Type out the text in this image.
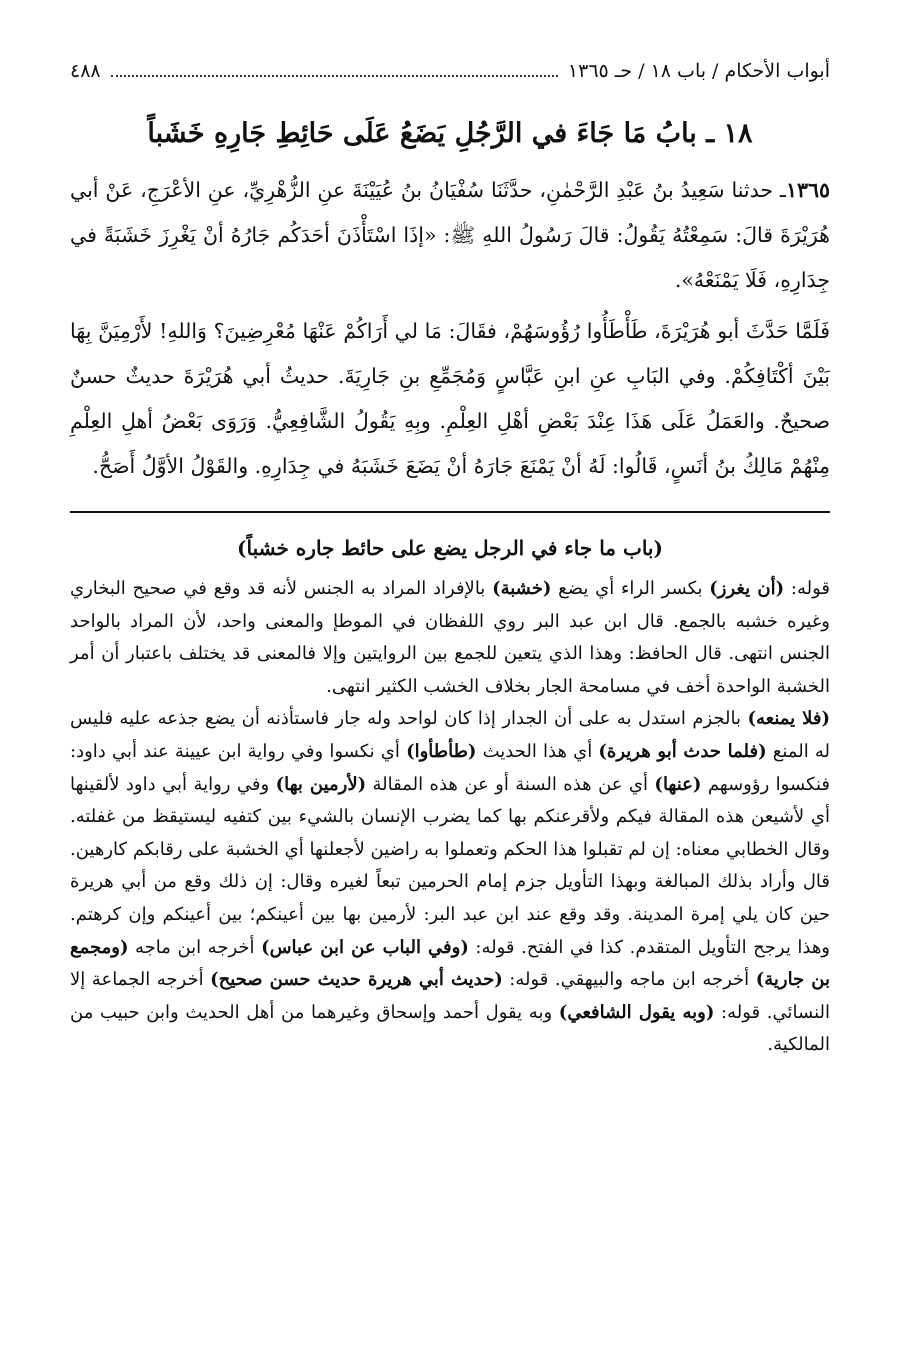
أبواب الأحكام / باب ١٨ / حـ ١٣٦٥
٤٨٨
١٨ ـ بابُ مَا جَاءَ في الرَّجُلِ يَضَعُ عَلَى حَائِطِ جَارِهِ خَشَباً

١٣٦٥ـ حدثنا سَعِيدُ بنُ عَبْدِ الرَّحْمٰنِ، حدَّثَنَا سُفْيَانُ بنُ عُيَيْنَةَ عنِ الزُّهْرِيِّ، عنِ الأعْرَجِ، عَنْ أبي هُرَيْرَةَ قالَ: سَمِعْتُهُ يَقُولُ: قالَ رَسُولُ اللهِ ﷺ: «إذَا اسْتَأْذَنَ أحَدَكُم جَارُهُ أنْ يَغْرِزَ خَشَبَةً في جِدَارِهِ، فَلَا يَمْنَعْهُ».

فَلَمَّا حَدَّثَ أبو هُرَيْرَةَ، طَأْطَأُوا رُؤُوسَهُمْ، فقَالَ: مَا لي أَرَاكُمْ عَنْهَا مُعْرِضِينَ؟ وَاللهِ! لأَرْمِيَنَّ بِهَا بَيْنَ أكْتَافِكُمْ. وفي البَابِ عنِ ابنِ عَبَّاسٍ وَمُجَمِّعِ بنِ جَارِيَةَ. حديثُ أبي هُرَيْرَةَ حديثٌ حسنٌ صحيحٌ. والعَمَلُ عَلَى هَذَا عِنْدَ بَعْضِ أهْلِ العِلْمِ. وبِهِ يَقُولُ الشَّافِعِيُّ. وَرَوَى بَعْضُ أهلِ العِلْمِ مِنْهُمْ مَالِكُ بنُ أنَسٍ، قَالُوا: لَهُ أنْ يَمْنَعَ جَارَهُ أنْ يَضَعَ خَشَبَهُ في جِدَارِهِ. والقَوْلُ الأوَّلُ أَصَحُّ.

(باب ما جاء في الرجل يضع على حائط جاره خشباً)

قوله: (أن يغرز) بكسر الراء أي يضع (خشبة) بالإفراد المراد به الجنس لأنه قد وقع في صحيح البخاري وغيره خشبه بالجمع. قال ابن عبد البر روي اللفظان في الموطإ والمعنى واحد، لأن المراد بالواحد الجنس انتهى. قال الحافظ: وهذا الذي يتعين للجمع بين الروايتين وإلا فالمعنى قد يختلف باعتبار أن أمر الخشبة الواحدة أخف في مسامحة الجار بخلاف الخشب الكثير انتهى.

(فلا يمنعه) بالجزم استدل به على أن الجدار إذا كان لواحد وله جار فاستأذنه أن يضع جذعه عليه فليس له المنع (فلما حدث أبو هريرة) أي هذا الحديث (طأطأوا) أي نكسوا وفي رواية ابن عيينة عند أبي داود: فنكسوا رؤوسهم (عنها) أي عن هذه السنة أو عن هذه المقالة (لأرمين بها) وفي رواية أبي داود لألقينها أي لأشيعن هذه المقالة فيكم ولأقرعنكم بها كما يضرب الإنسان بالشيء بين كتفيه ليستيقظ من غفلته. وقال الخطابي معناه: إن لم تقبلوا هذا الحكم وتعملوا به راضين لأجعلنها أي الخشبة على رقابكم كارهين. قال وأراد بذلك المبالغة وبهذا التأويل جزم إمام الحرمين تبعاً لغيره وقال: إن ذلك وقع من أبي هريرة حين كان يلي إمرة المدينة. وقد وقع عند ابن عبد البر: لأرمين بها بين أعينكم؛ بين أعينكم وإن كرهتم. وهذا يرجح التأويل المتقدم. كذا في الفتح. قوله: (وفي الباب عن ابن عباس) أخرجه ابن ماجه (ومجمع بن جارية) أخرجه ابن ماجه والبيهقي. قوله: (حديث أبي هريرة حديث حسن صحيح) أخرجه الجماعة إلا النسائي. قوله: (وبه يقول الشافعي) وبه يقول أحمد وإسحاق وغيرهما من أهل الحديث وابن حبيب من المالكية.
